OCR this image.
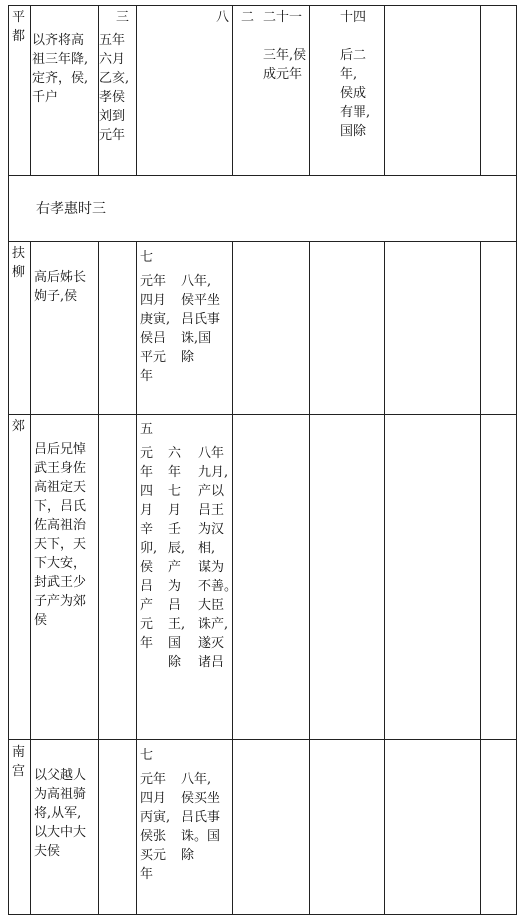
平
都 以齐将高
祖三年降,
定齐，侯,
千户
三
五年
六月
乙亥,
孝侯
刘到
元年
八 二 二十一

三年,侯
成元年
十四

后二
年,
侯成
有罪,
国除
右孝惠时三
扶
柳 高后姊长
姁子,侯
七
元年
四月
庚寅,
侯吕
平元
年
八年,
侯平坐
吕氏事
诛,国
除
郊
吕后兄悼
武王身佐
高祖定天
下，吕氏
佐高祖治
天下，天
下大安，
封武王少
子产为郊
侯
五
元
年
四
月
辛
卯,
侯
吕
产
元
年
六
年
七
月
壬
辰,
产
为
吕
王,
国
除
八年
九月,
产以
吕王
为汉
相,
谋为
不善。
大臣
诛产,
遂灭
诸吕
南
宫 以父越人
为高祖骑
将,从军,
以大中大
夫侯
七
元年
四月
丙寅,
侯张
买元
年
八年,
侯买坐
吕氏事
诛。国
除
